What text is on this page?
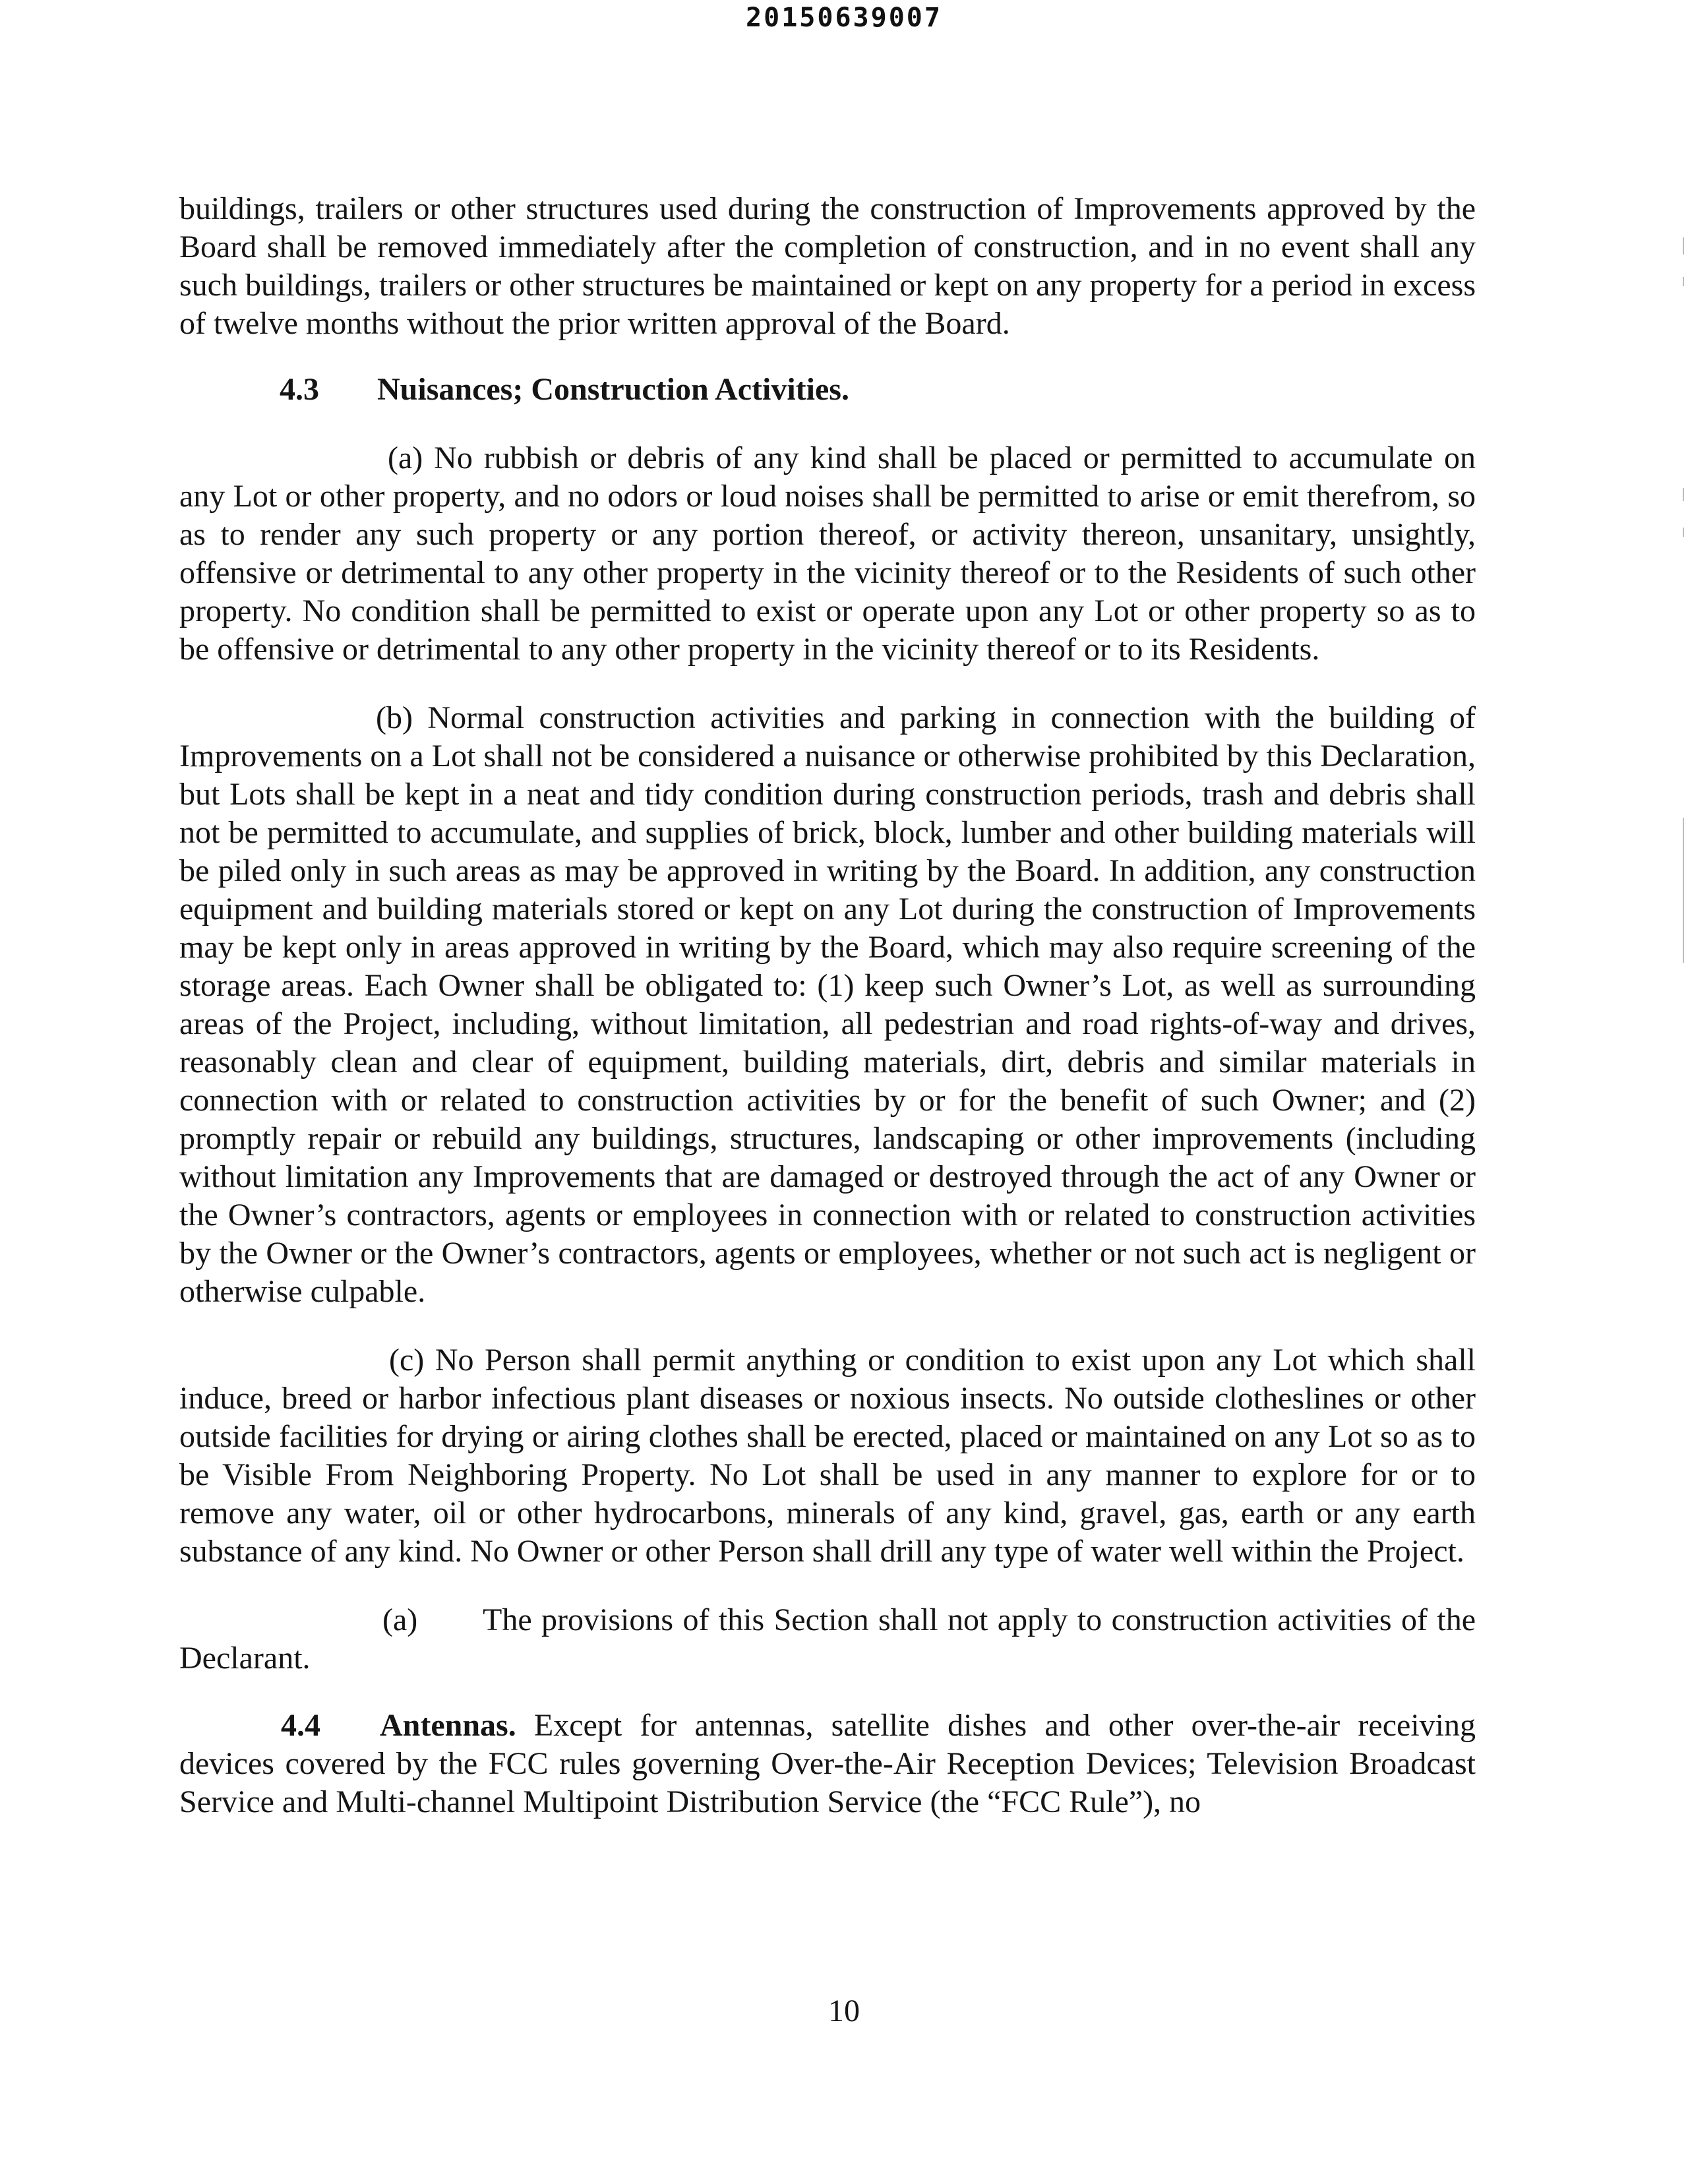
20150639007

buildings, trailers or other structures used during the construction of Improvements approved by the Board shall be removed immediately after the completion of construction, and in no event shall any such buildings, trailers or other structures be maintained or kept on any property for a period in excess of twelve months without the prior written approval of the Board.

4.3 Nuisances; Construction Activities.

(a) No rubbish or debris of any kind shall be placed or permitted to accumulate on any Lot or other property, and no odors or loud noises shall be permitted to arise or emit therefrom, so as to render any such property or any portion thereof, or activity thereon, unsanitary, unsightly, offensive or detrimental to any other property in the vicinity thereof or to the Residents of such other property. No condition shall be permitted to exist or operate upon any Lot or other property so as to be offensive or detrimental to any other property in the vicinity thereof or to its Residents.

(b) Normal construction activities and parking in connection with the building of Improvements on a Lot shall not be considered a nuisance or otherwise prohibited by this Declaration, but Lots shall be kept in a neat and tidy condition during construction periods, trash and debris shall not be permitted to accumulate, and supplies of brick, block, lumber and other building materials will be piled only in such areas as may be approved in writing by the Board. In addition, any construction equipment and building materials stored or kept on any Lot during the construction of Improvements may be kept only in areas approved in writing by the Board, which may also require screening of the storage areas. Each Owner shall be obligated to: (1) keep such Owner’s Lot, as well as surrounding areas of the Project, including, without limitation, all pedestrian and road rights-of-way and drives, reasonably clean and clear of equipment, building materials, dirt, debris and similar materials in connection with or related to construction activities by or for the benefit of such Owner; and (2) promptly repair or rebuild any buildings, structures, landscaping or other improvements (including without limitation any Improvements that are damaged or destroyed through the act of any Owner or the Owner’s contractors, agents or employees in connection with or related to construction activities by the Owner or the Owner’s contractors, agents or employees, whether or not such act is negligent or otherwise culpable.

(c) No Person shall permit anything or condition to exist upon any Lot which shall induce, breed or harbor infectious plant diseases or noxious insects. No outside clotheslines or other outside facilities for drying or airing clothes shall be erected, placed or maintained on any Lot so as to be Visible From Neighboring Property. No Lot shall be used in any manner to explore for or to remove any water, oil or other hydrocarbons, minerals of any kind, gravel, gas, earth or any earth substance of any kind. No Owner or other Person shall drill any type of water well within the Project.

(a) The provisions of this Section shall not apply to construction activities of the Declarant.

4.4 Antennas. Except for antennas, satellite dishes and other over-the-air receiving devices covered by the FCC rules governing Over-the-Air Reception Devices; Television Broadcast Service and Multi-channel Multipoint Distribution Service (the “FCC Rule”), no

10
